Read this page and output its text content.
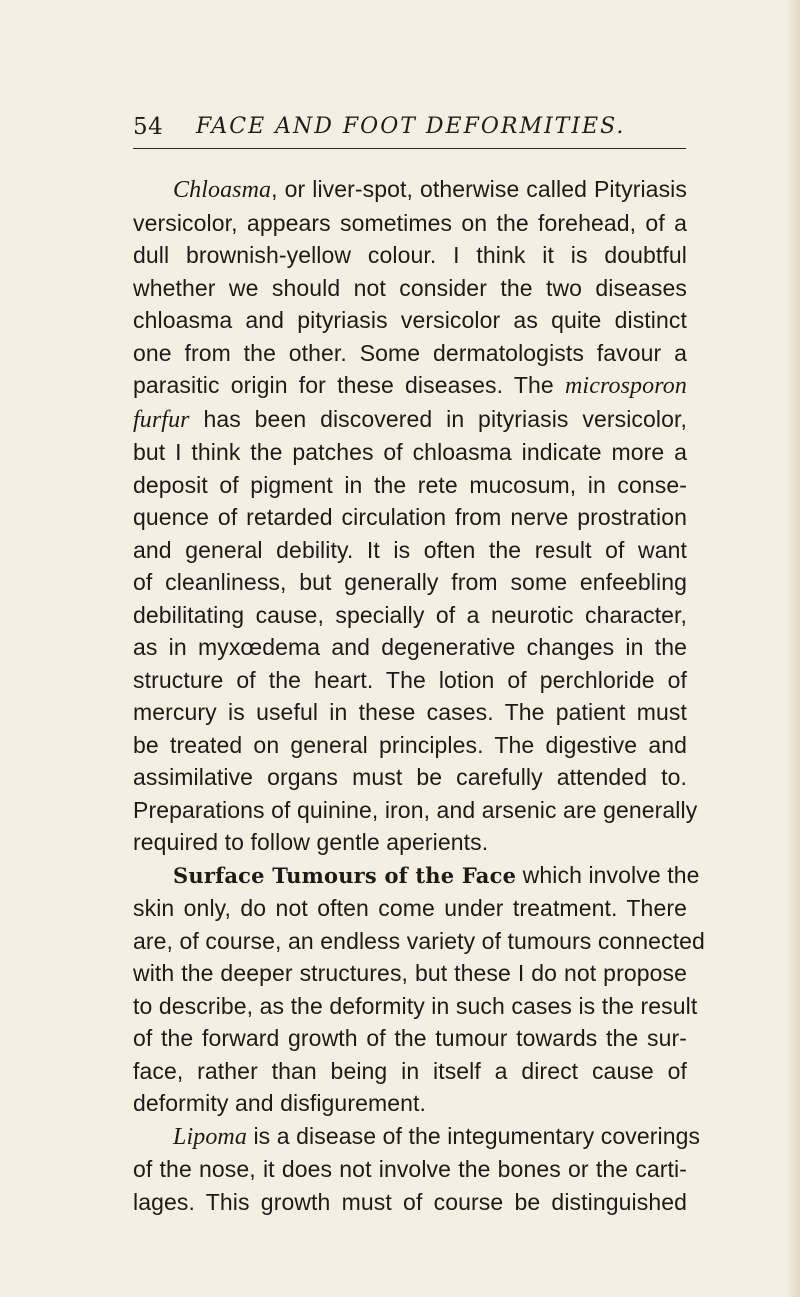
54 FACE AND FOOT DEFORMITIES.
Chloasma, or liver-spot, otherwise called Pityriasis
versicolor, appears sometimes on the forehead, of a
dull brownish-yellow colour. I think it is doubtful
whether we should not consider the two diseases
chloasma and pityriasis versicolor as quite distinct
one from the other. Some dermatologists favour a
parasitic origin for these diseases. The microsporon
furfur has been discovered in pityriasis versicolor,
but I think the patches of chloasma indicate more a
deposit of pigment in the rete mucosum, in conse-
quence of retarded circulation from nerve prostration
and general debility. It is often the result of want
of cleanliness, but generally from some enfeebling
debilitating cause, specially of a neurotic character,
as in myxœdema and degenerative changes in the
structure of the heart. The lotion of perchloride of
mercury is useful in these cases. The patient must
be treated on general principles. The digestive and
assimilative organs must be carefully attended to.
Preparations of quinine, iron, and arsenic are generally
required to follow gentle aperients.
Surface Tumours of the Face which involve the
skin only, do not often come under treatment. There
are, of course, an endless variety of tumours connected
with the deeper structures, but these I do not propose
to describe, as the deformity in such cases is the result
of the forward growth of the tumour towards the sur-
face, rather than being in itself a direct cause of
deformity and disfigurement.
Lipoma is a disease of the integumentary coverings
of the nose, it does not involve the bones or the carti-
lages. This growth must of course be distinguished
